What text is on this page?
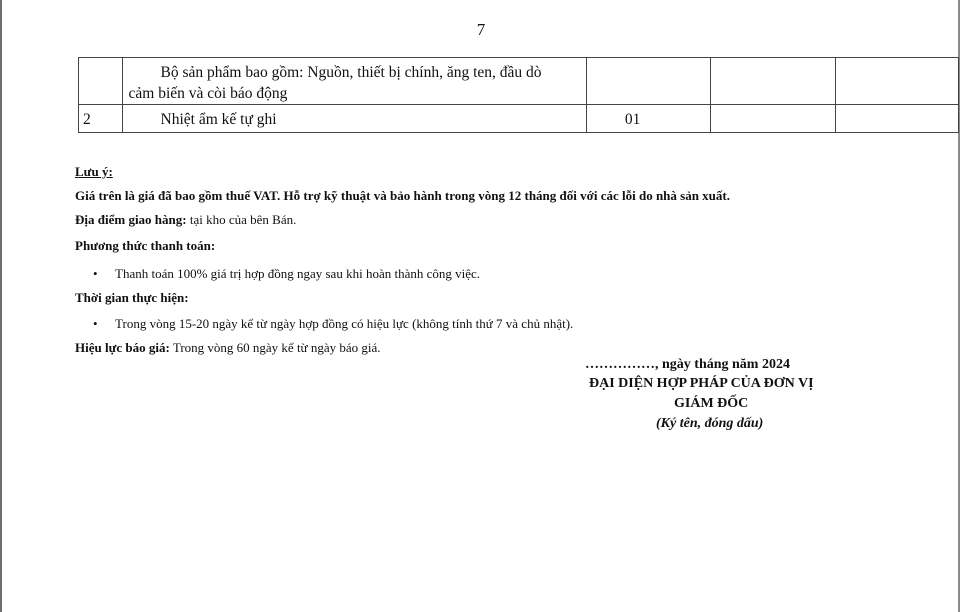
7

	Bộ sản phẩm bao gồm: Nguồn, thiết bị chính, ăng ten, đầu dò
cảm biến và còi báo động			

2	Nhiệt ẩm kế tự ghi	01		

Lưu ý:
Giá trên là giá đã bao gồm thuế VAT. Hỗ trợ kỹ thuật và bảo hành trong vòng 12 tháng đối với các lỗi do nhà sản xuất.
Địa điểm giao hàng: tại kho của bên Bán.
Phương thức thanh toán:
• Thanh toán 100% giá trị hợp đồng ngay sau khi hoàn thành công việc.
Thời gian thực hiện:
• Trong vòng 15-20 ngày kể từ ngày hợp đồng có hiệu lực (không tính thứ 7 và chủ nhật).
Hiệu lực báo giá: Trong vòng 60 ngày kể từ ngày báo giá.
……………, ngày tháng năm 2024
ĐẠI DIỆN HỢP PHÁP CỦA ĐƠN VỊ
GIÁM ĐỐC
(Ký tên, đóng dấu)
